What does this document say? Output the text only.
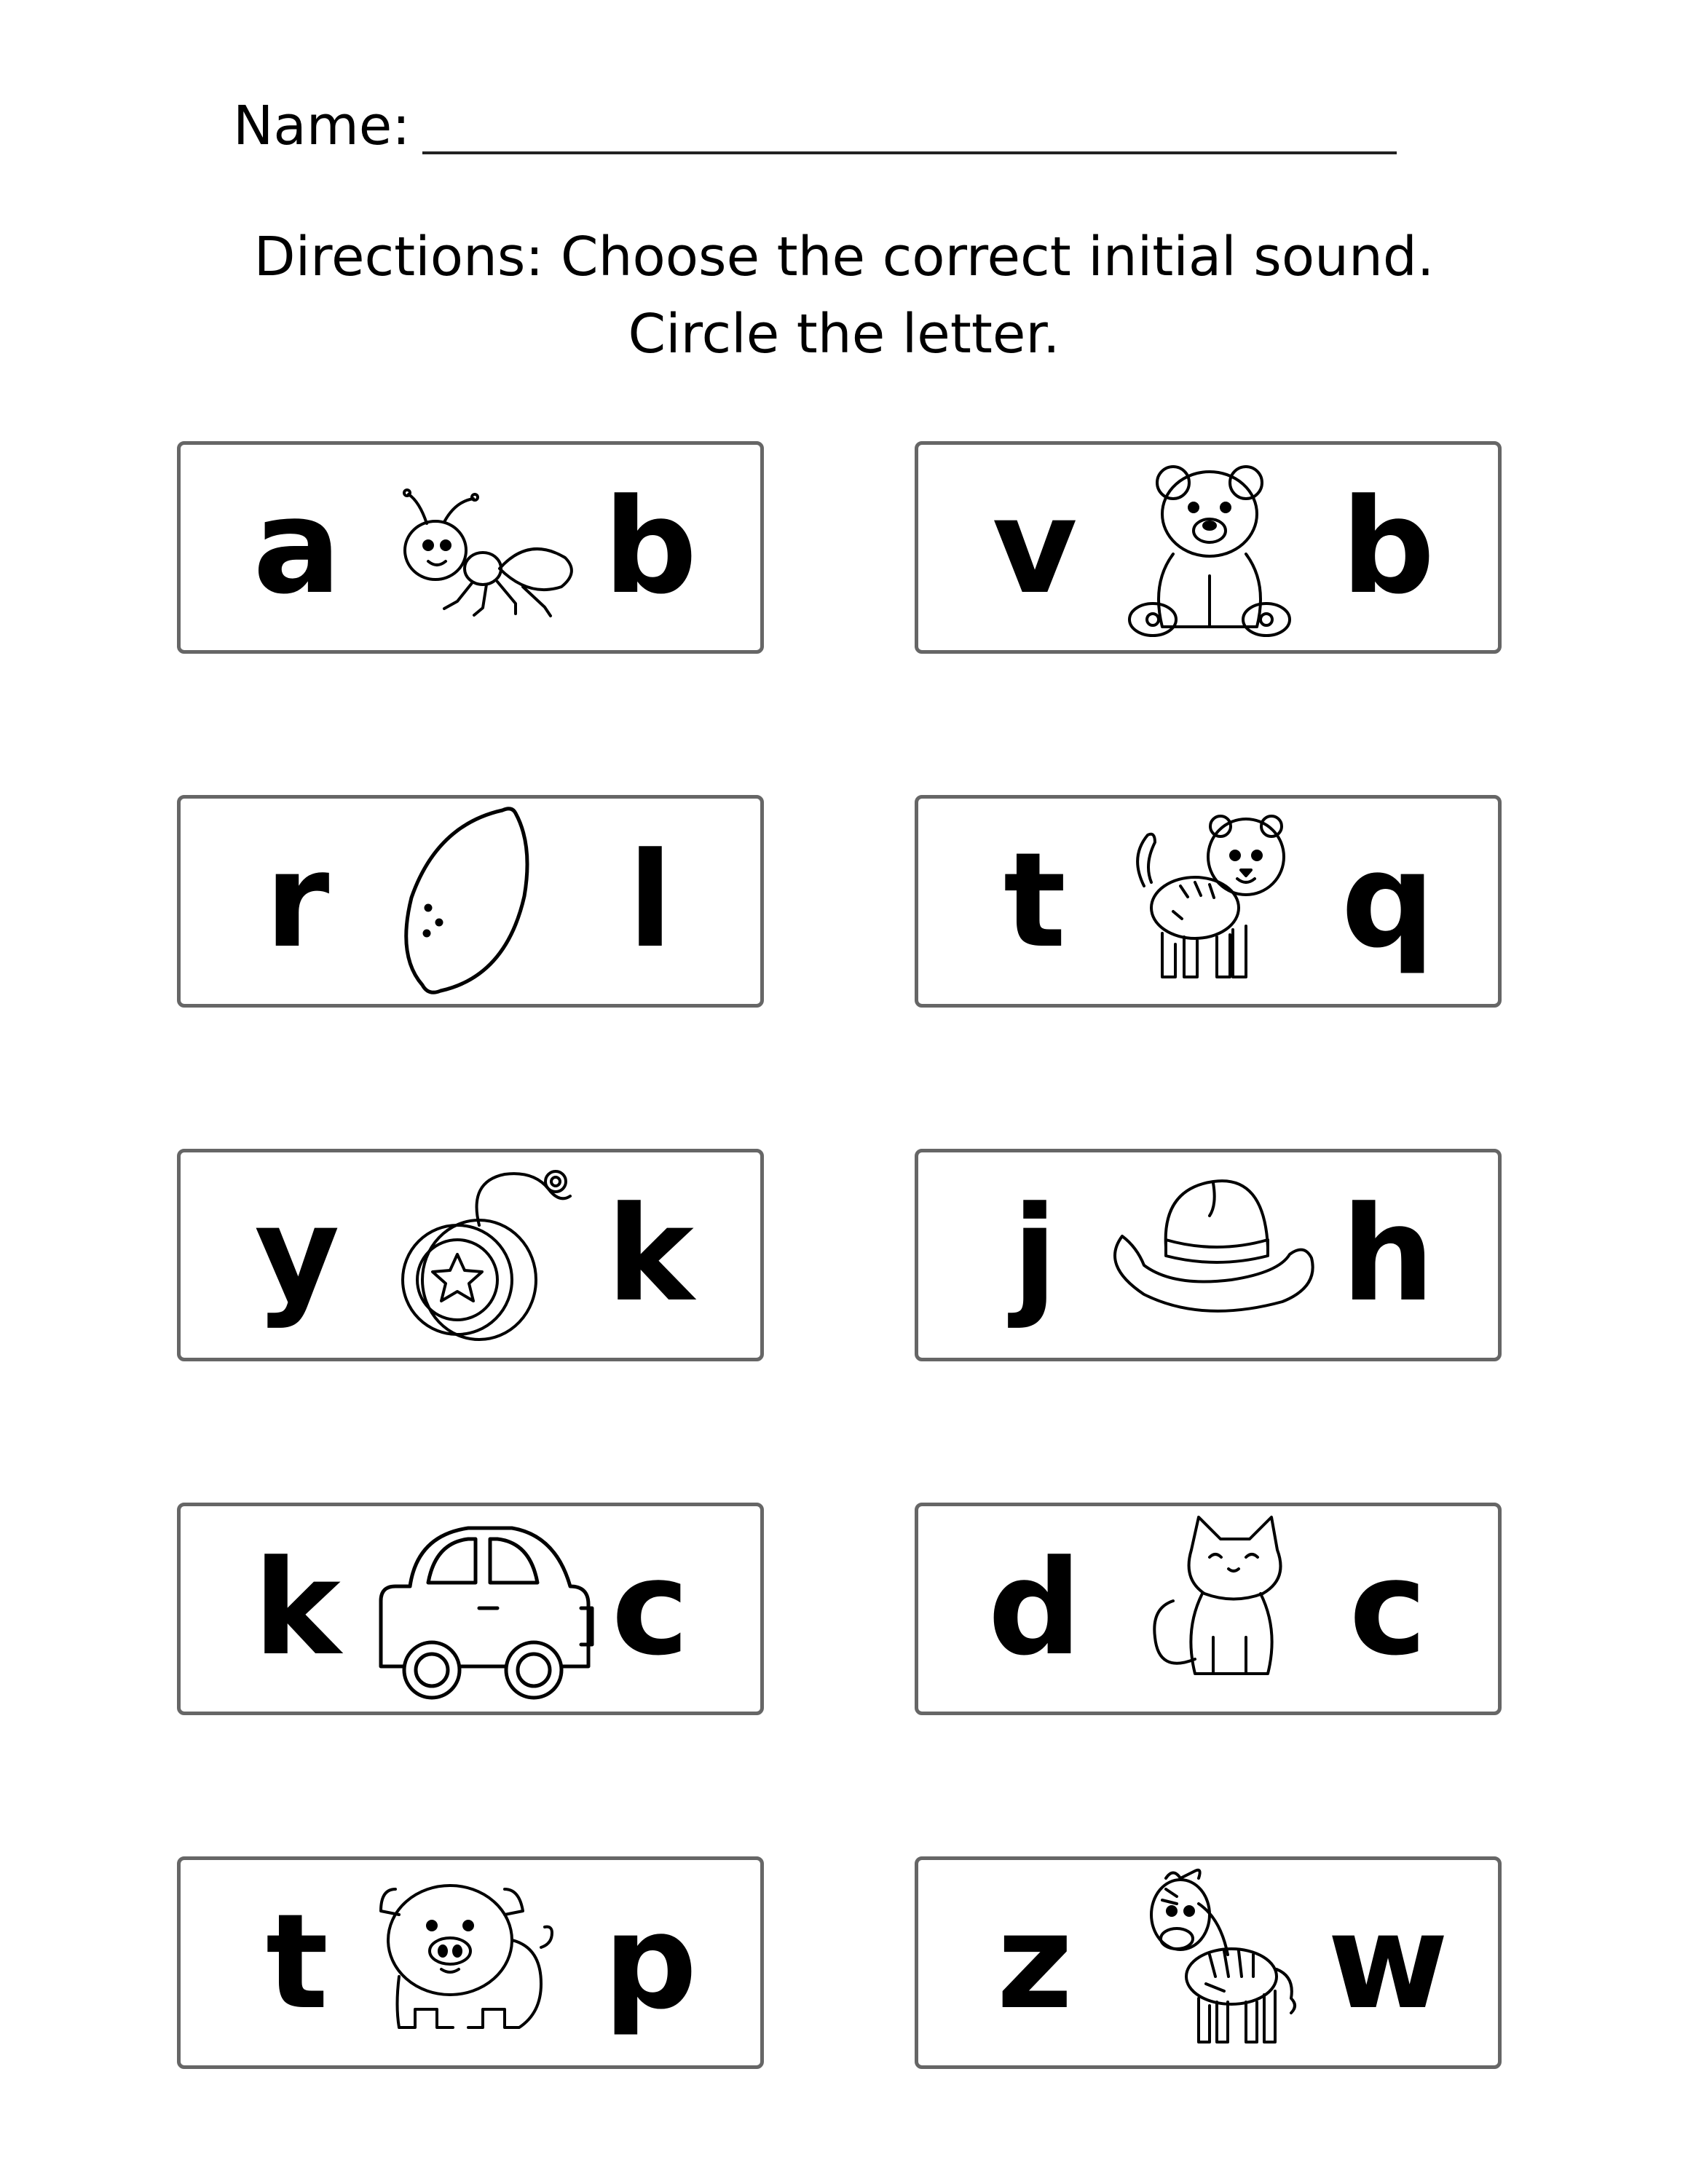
Name:
Directions: Choose the correct initial sound.
Circle the letter.
a b v b
r	l	t q
y k	j	h
k c d c
t p z w
